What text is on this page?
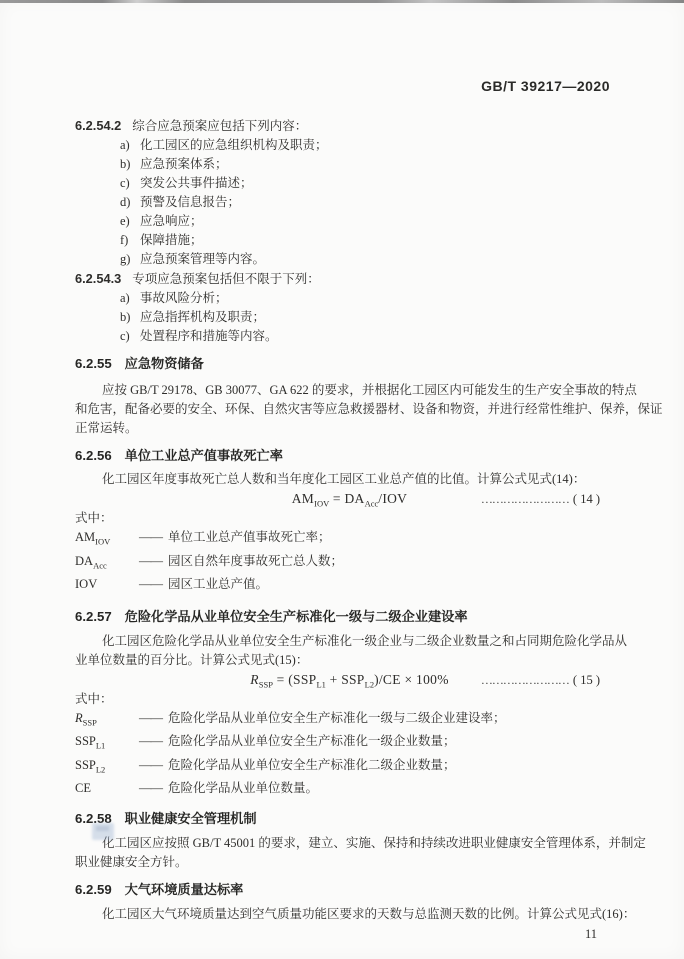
GB/T 39217—2020
6.2.54.2 综合应急预案应包括下列内容：
a) 化工园区的应急组织机构及职责；
b) 应急预案体系；
c) 突发公共事件描述；
d) 预警及信息报告；
e) 应急响应；
f) 保障措施；
g) 应急预案管理等内容。
6.2.54.3 专项应急预案包括但不限于下列：
a) 事故风险分析；
b) 应急指挥机构及职责；
c) 处置程序和措施等内容。
6.2.55 应急物资储备
应按 GB/T 29178、GB 30077、GA 622 的要求，并根据化工园区内可能发生的生产安全事故的特点
和危害，配备必要的安全、环保、自然灾害等应急救援器材、设备和物资，并进行经常性维护、保养，保证
正常运转。
6.2.56 单位工业总产值事故死亡率
化工园区年度事故死亡总人数和当年度化工园区工业总产值的比值。计算公式见式(14)：
$AM_{IOV} = DA_{Acc}/IOV$	…………………… ( 14 )
式中：
$AM_{IOV}$ —— 单位工业总产值事故死亡率；
$DA_{Acc}$	—— 园区自然年度事故死亡总人数；
IOV	—— 园区工业总产值。
6.2.57 危险化学品从业单位安全生产标准化一级与二级企业建设率
化工园区危险化学品从业单位安全生产标准化一级企业与二级企业数量之和占同期危险化学品从
业单位数量的百分比。计算公式见式(15)：
$R_{SSP} = (SSP_{L1} + SSP_{L2})/CE \times 100\%$	…………………… ( 15 )
式中：
$R_{SSP}$	—— 危险化学品从业单位安全生产标准化一级与二级企业建设率；
$SSP_{L1}$	—— 危险化学品从业单位安全生产标准化一级企业数量；
$SSP_{L2}$	—— 危险化学品从业单位安全生产标准化二级企业数量；
CE	—— 危险化学品从业单位数量。
6.2.58 职业健康安全管理机制
化工园区应按照 GB/T 45001 的要求，建立、实施、保持和持续改进职业健康安全管理体系，并制定
职业健康安全方针。
6.2.59 大气环境质量达标率
化工园区大气环境质量达到空气质量功能区要求的天数与总监测天数的比例。计算公式见式(16)：
11
